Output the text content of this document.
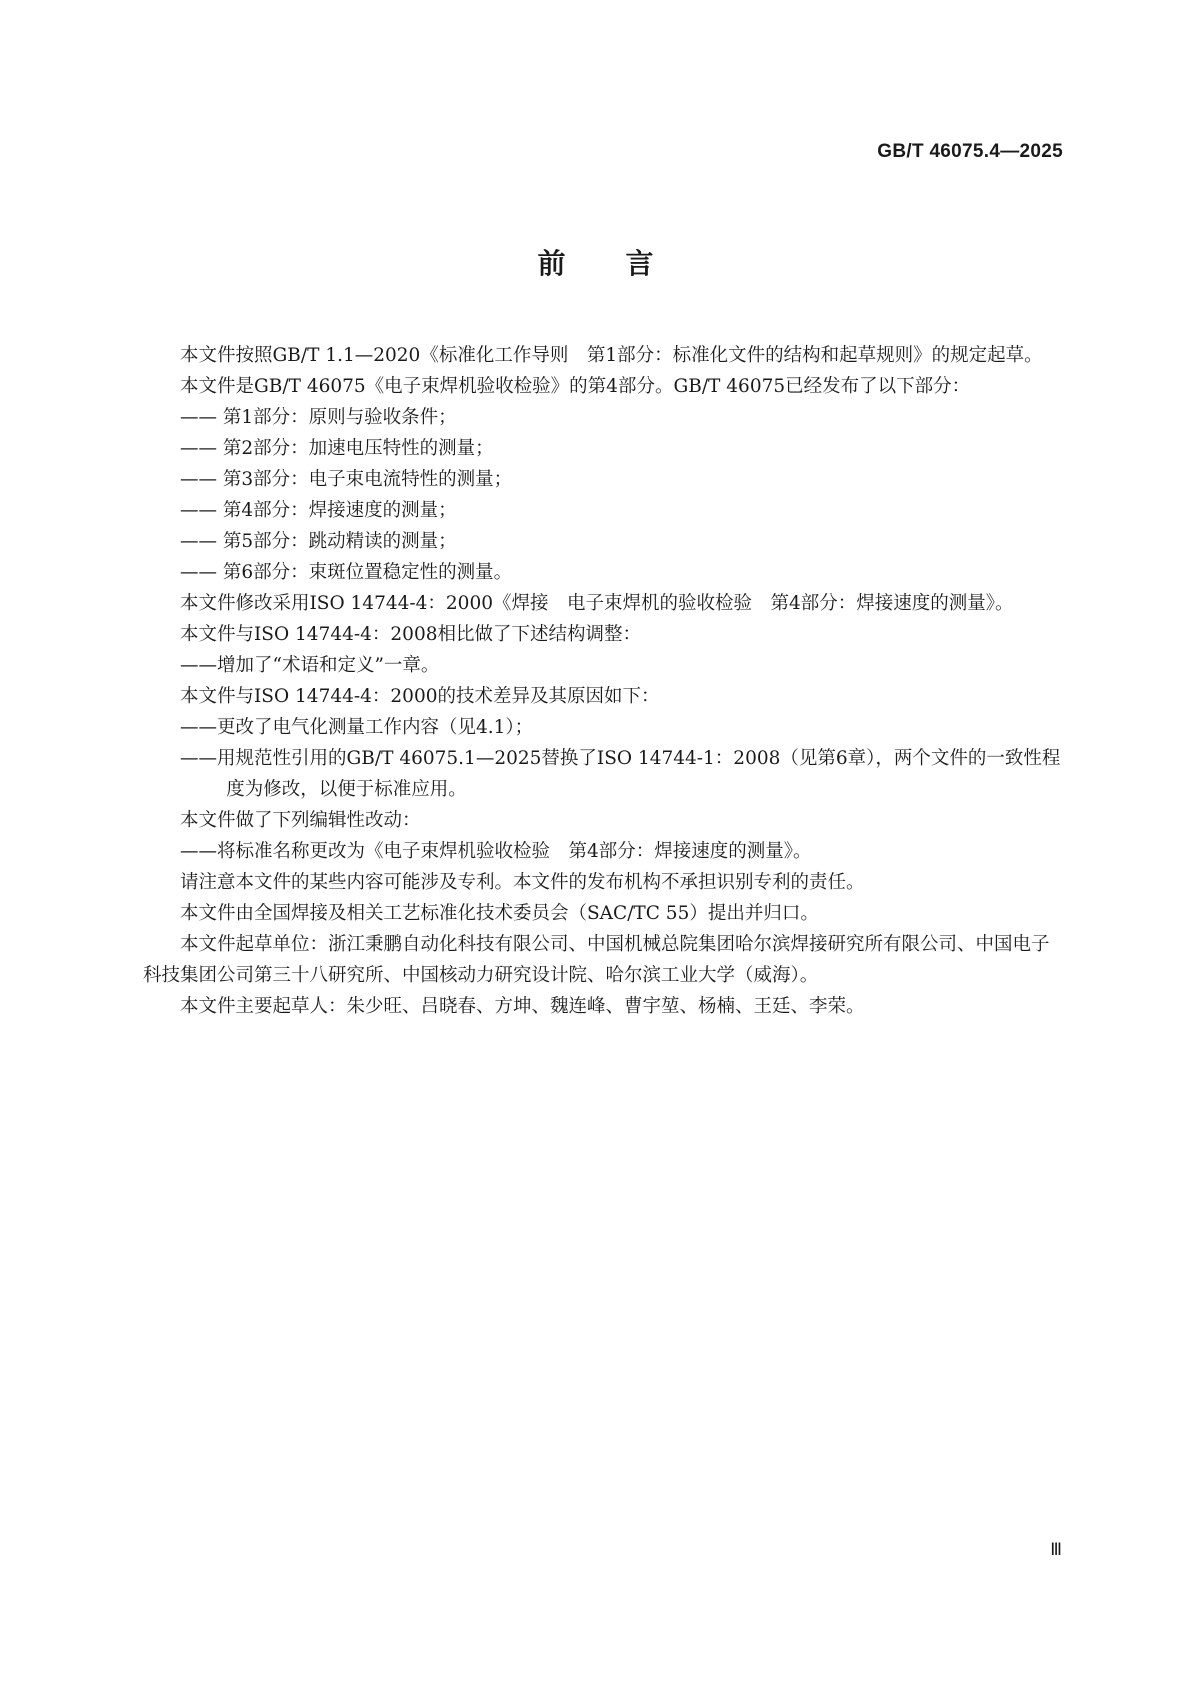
GB/T 46075.4—2025
前言

本文件按照GB/T 1.1—2020《标准化工作导则　第1部分：标准化文件的结构和起草规则》的规定起草。

本文件是GB/T 46075《电子束焊机验收检验》的第4部分。GB/T 46075已经发布了以下部分：

—— 第1部分：原则与验收条件；

—— 第2部分：加速电压特性的测量；

—— 第3部分：电子束电流特性的测量；

—— 第4部分：焊接速度的测量；

—— 第5部分：跳动精读的测量；

—— 第6部分：束斑位置稳定性的测量。

本文件修改采用ISO 14744-4：2000《焊接　电子束焊机的验收检验　第4部分：焊接速度的测量》。

本文件与ISO 14744-4：2008相比做了下述结构调整：

——增加了“术语和定义”一章。

本文件与ISO 14744-4：2000的技术差异及其原因如下：

——更改了电气化测量工作内容（见4.1）；

——用规范性引用的GB/T 46075.1—2025替换了ISO 14744-1：2008（见第6章），两个文件的一致性程度为修改，以便于标准应用。

本文件做了下列编辑性改动：

——将标准名称更改为《电子束焊机验收检验　第4部分：焊接速度的测量》。

请注意本文件的某些内容可能涉及专利。本文件的发布机构不承担识别专利的责任。

本文件由全国焊接及相关工艺标准化技术委员会（SAC/TC 55）提出并归口。

本文件起草单位：浙江秉鹏自动化科技有限公司、中国机械总院集团哈尔滨焊接研究所有限公司、中国电子科技集团公司第三十八研究所、中国核动力研究设计院、哈尔滨工业大学（威海）。

本文件主要起草人：朱少旺、吕晓春、方坤、魏连峰、曹宇堃、杨楠、王廷、李荣。

Ⅲ
